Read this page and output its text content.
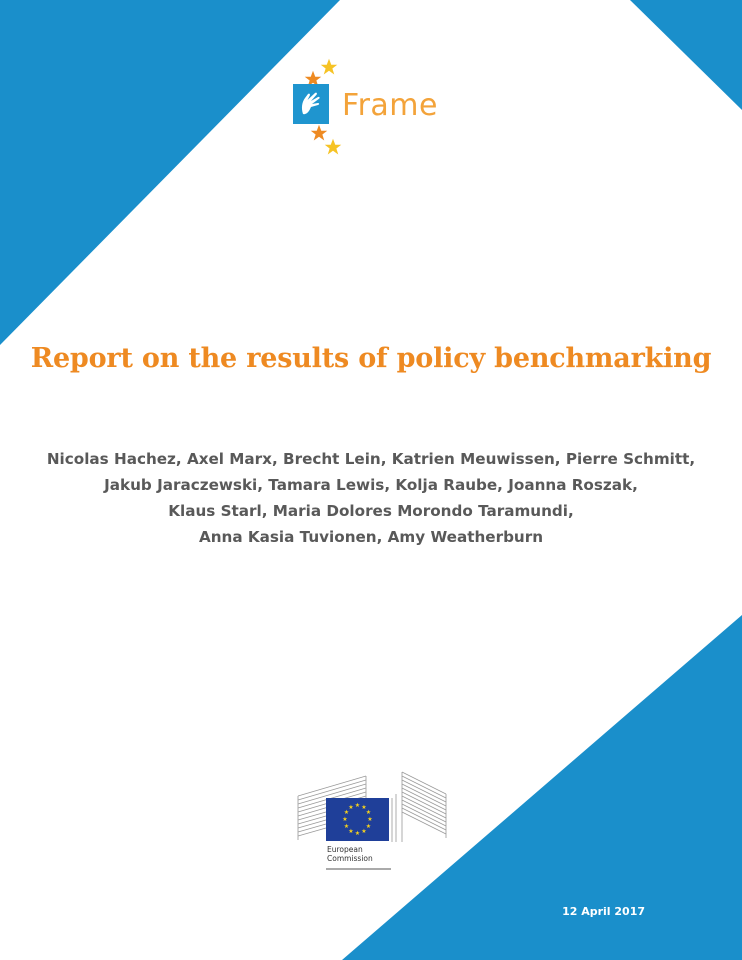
Frame
Report on the results of policy benchmarking
Nicolas Hachez, Axel Marx, Brecht Lein, Katrien Meuwissen, Pierre Schmitt,
Jakub Jaraczewski, Tamara Lewis, Kolja Raube, Joanna Roszak,
Klaus Starl, Maria Dolores Morondo Taramundi,
Anna Kasia Tuvionen, Amy Weatherburn
★ ★
★
★
★
★
★
★
★
★
★
★
European
Commission
12 April 2017
